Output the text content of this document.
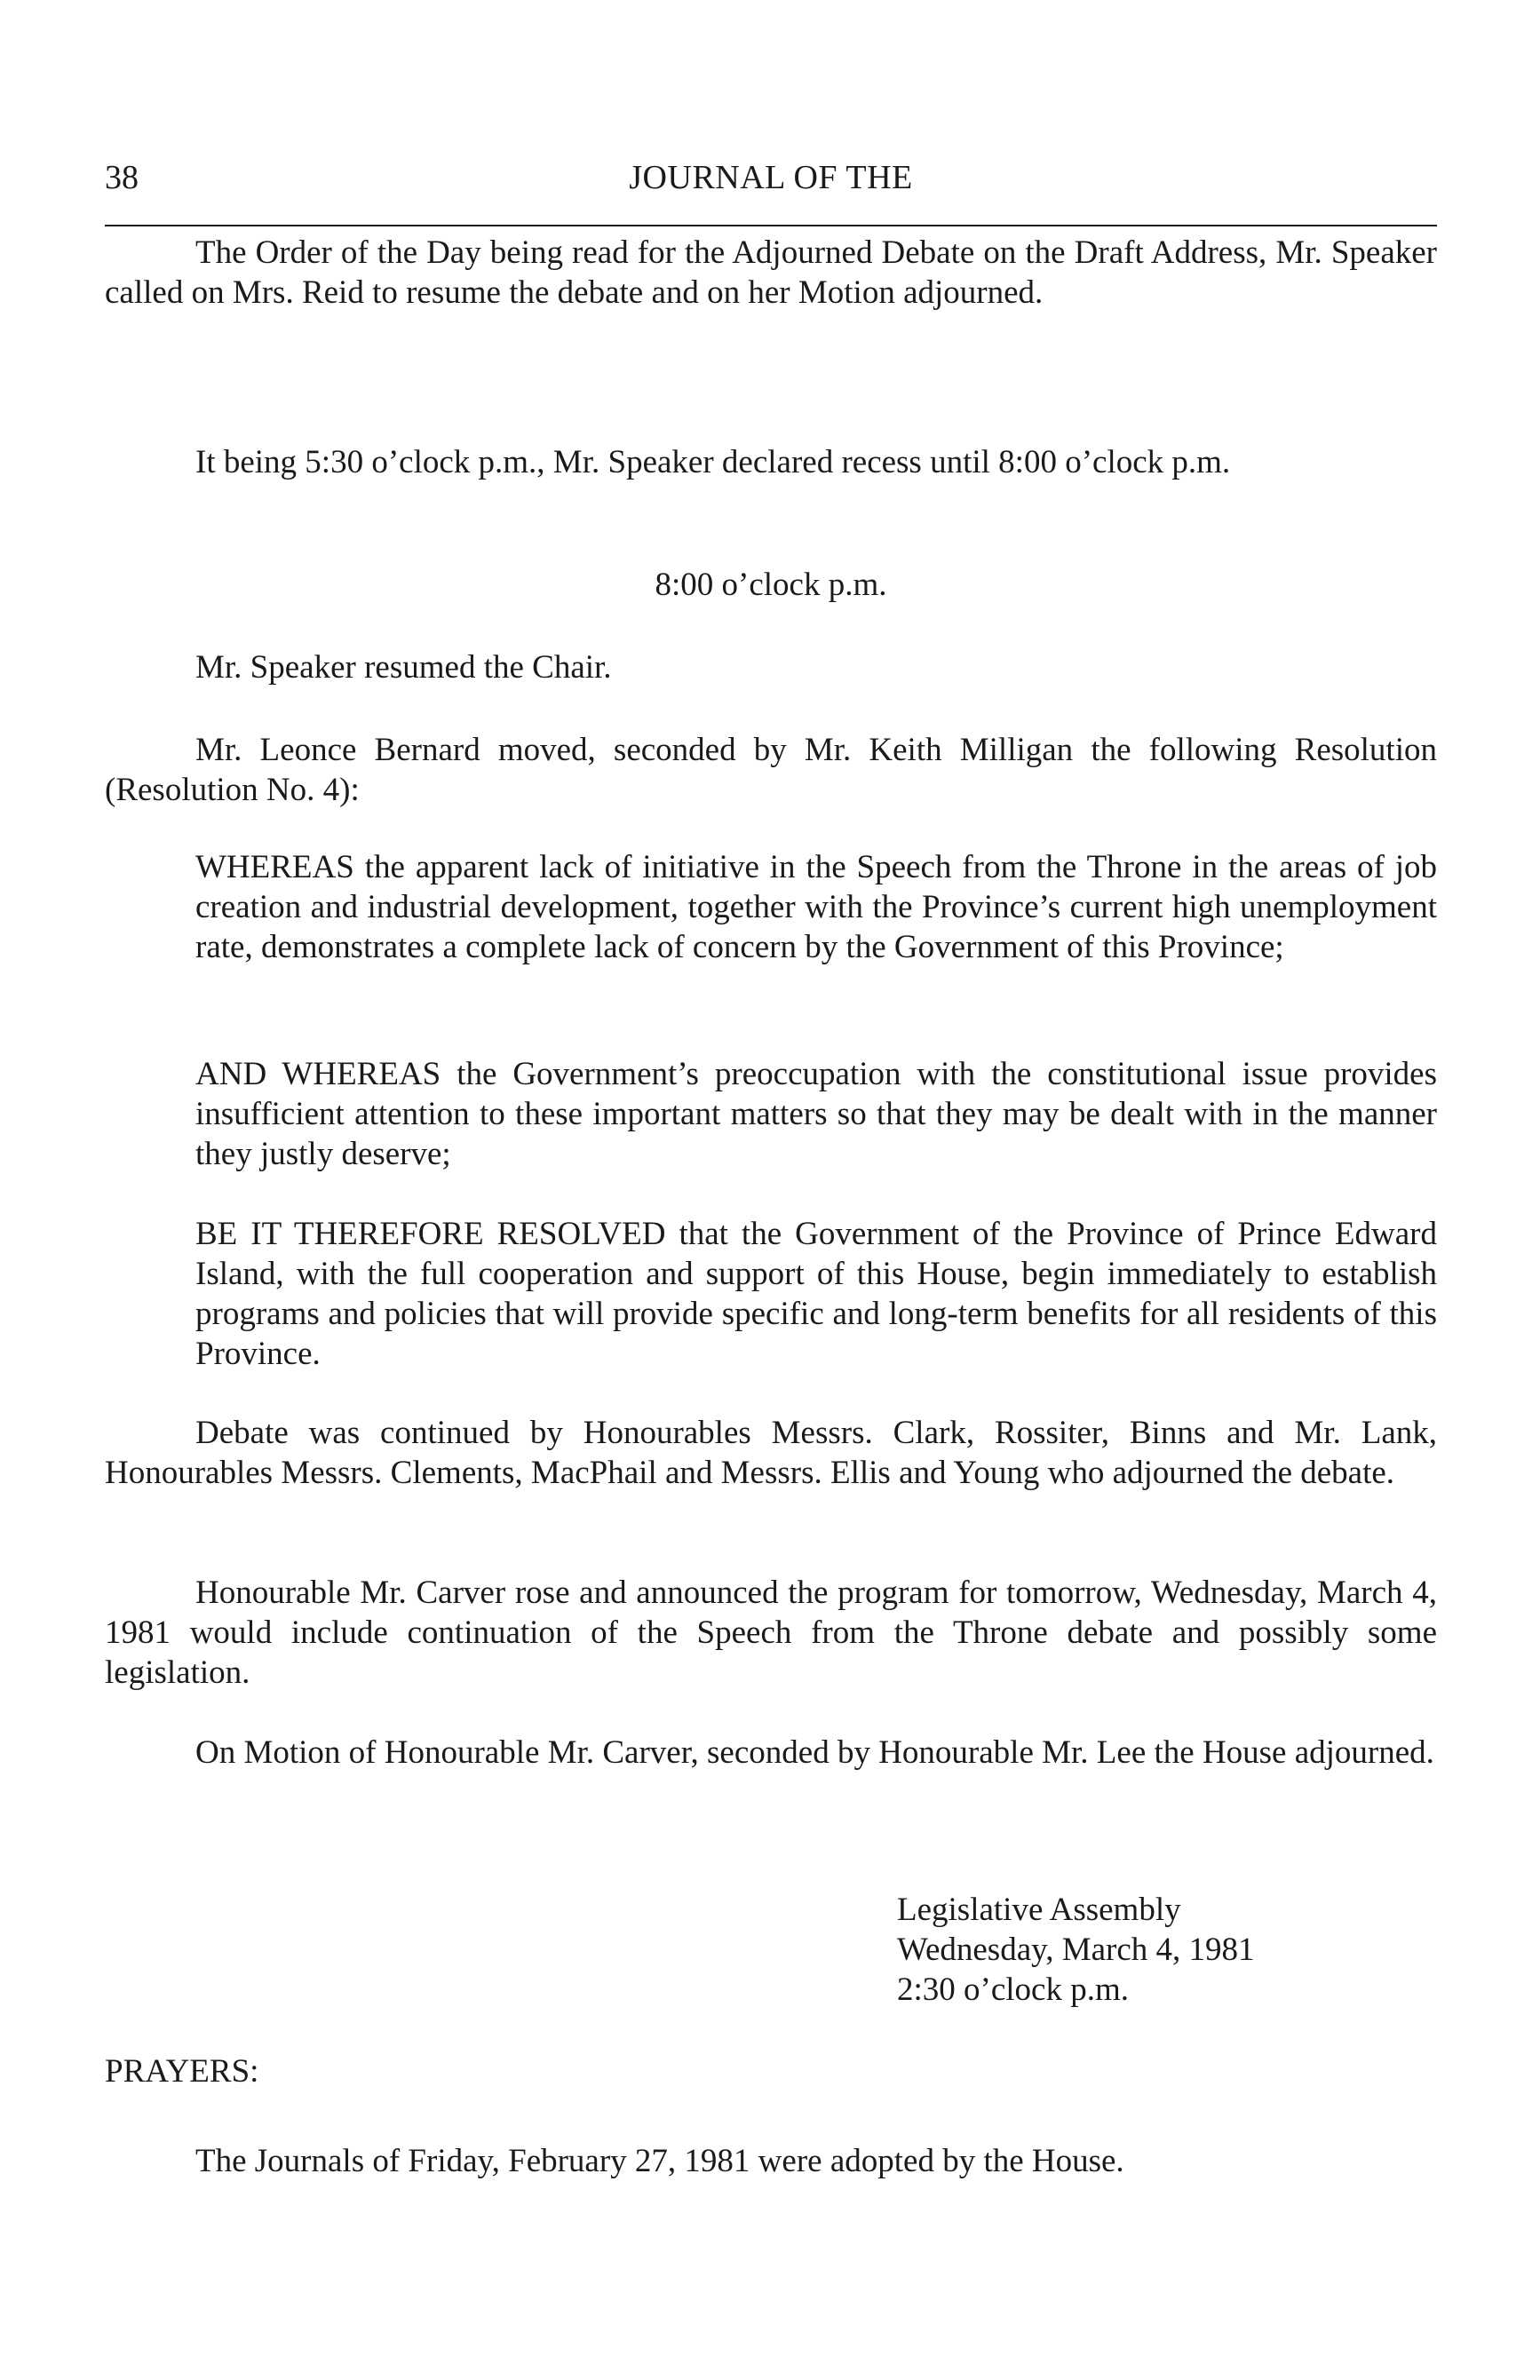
38	JOURNAL OF THE

The Order of the Day being read for the Adjourned Debate on the Draft Address, Mr. Speaker called on Mrs. Reid to resume the debate and on her Motion adjourned.

It being 5:30 o’clock p.m., Mr. Speaker declared recess until 8:00 o’clock p.m.

8:00 o’clock p.m.

Mr. Speaker resumed the Chair.

Mr. Leonce Bernard moved, seconded by Mr. Keith Milligan the following Resolution (Resolution No. 4):

WHEREAS the apparent lack of initiative in the Speech from the Throne in the areas of job creation and industrial development, together with the Province’s current high unemployment rate, demonstrates a complete lack of concern by the Government of this Province;

AND WHEREAS the Government’s preoccupation with the constitutional issue provides insufficient attention to these important matters so that they may be dealt with in the manner they justly deserve;

BE IT THEREFORE RESOLVED that the Government of the Province of Prince Edward Island, with the full cooperation and support of this House, begin immediately to establish programs and policies that will provide specific and long-term benefits for all residents of this Province.

Debate was continued by Honourables Messrs. Clark, Rossiter, Binns and Mr. Lank, Honourables Messrs. Clements, MacPhail and Messrs. Ellis and Young who adjourned the debate.

Honourable Mr. Carver rose and announced the program for tomorrow, Wednesday, March 4, 1981 would include continuation of the Speech from the Throne debate and possibly some legislation.

On Motion of Honourable Mr. Carver, seconded by Honourable Mr. Lee the House adjourned.

Legislative Assembly
Wednesday, March 4, 1981
2:30 o’clock p.m.

PRAYERS:

The Journals of Friday, February 27, 1981 were adopted by the House.
